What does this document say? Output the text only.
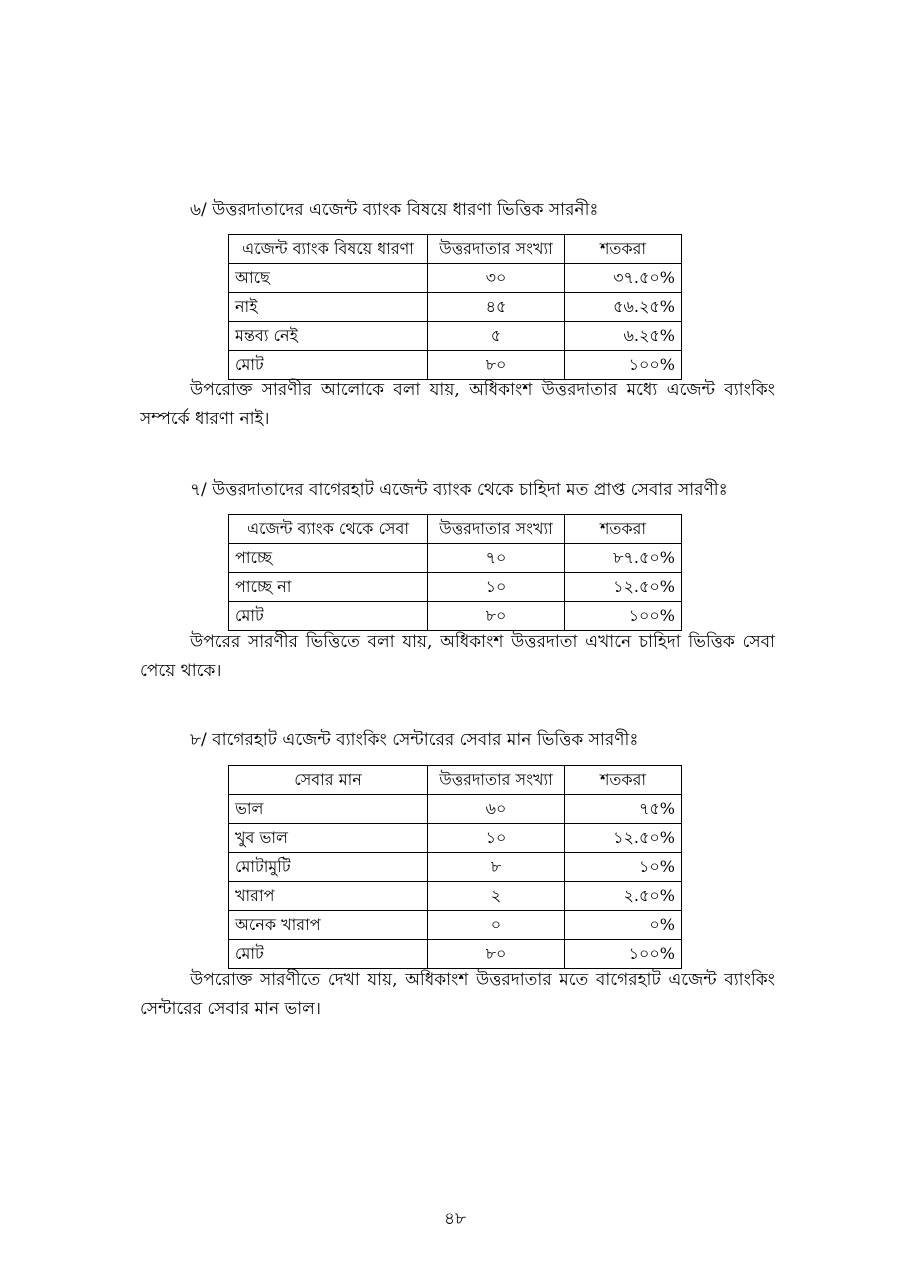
৬/ উত্তরদাতাদের এজেন্ট ব্যাংক বিষয়ে ধারণা ভিত্তিক সারনীঃ
এজেন্ট ব্যাংক বিষয়ে ধারণা	উত্তরদাতার সংখ্যা	শতকরা
আছে	৩০	৩৭.৫০%
নাই	৪৫	৫৬.২৫%
মন্তব্য নেই	৫	৬.২৫%
মোট	৮০	১০০%

উপরোক্ত সারণীর আলোকে বলা যায়, অধিকাংশ উত্তরদাতার মধ্যে এজেন্ট ব্যাংকিং সম্পর্কে ধারণা নাই।

৭/ উত্তরদাতাদের বাগেরহাট এজেন্ট ব্যাংক থেকে চাহিদা মত প্রাপ্ত সেবার সারণীঃ
এজেন্ট ব্যাংক থেকে সেবা	উত্তরদাতার সংখ্যা	শতকরা
পাচ্ছে	৭০	৮৭.৫০%
পাচ্ছে না	১০	১২.৫০%
মোট	৮০	১০০%

উপরের সারণীর ভিত্তিতে বলা যায়, অধিকাংশ উত্তরদাতা এখানে চাহিদা ভিত্তিক সেবা পেয়ে থাকে।

৮/ বাগেরহাট এজেন্ট ব্যাংকিং সেন্টারের সেবার মান ভিত্তিক সারণীঃ
সেবার মান	উত্তরদাতার সংখ্যা	শতকরা
ভাল	৬০	৭৫%
খুব ভাল	১০	১২.৫০%
মোটামুটি	৮	১০%
খারাপ	২	২.৫০%
অনেক খারাপ	০	০%
মোট	৮০	১০০%

উপরোক্ত সারণীতে দেখা যায়, অধিকাংশ উত্তরদাতার মতে বাগেরহাট এজেন্ট ব্যাংকিং সেন্টারের সেবার মান ভাল।

৪৮
